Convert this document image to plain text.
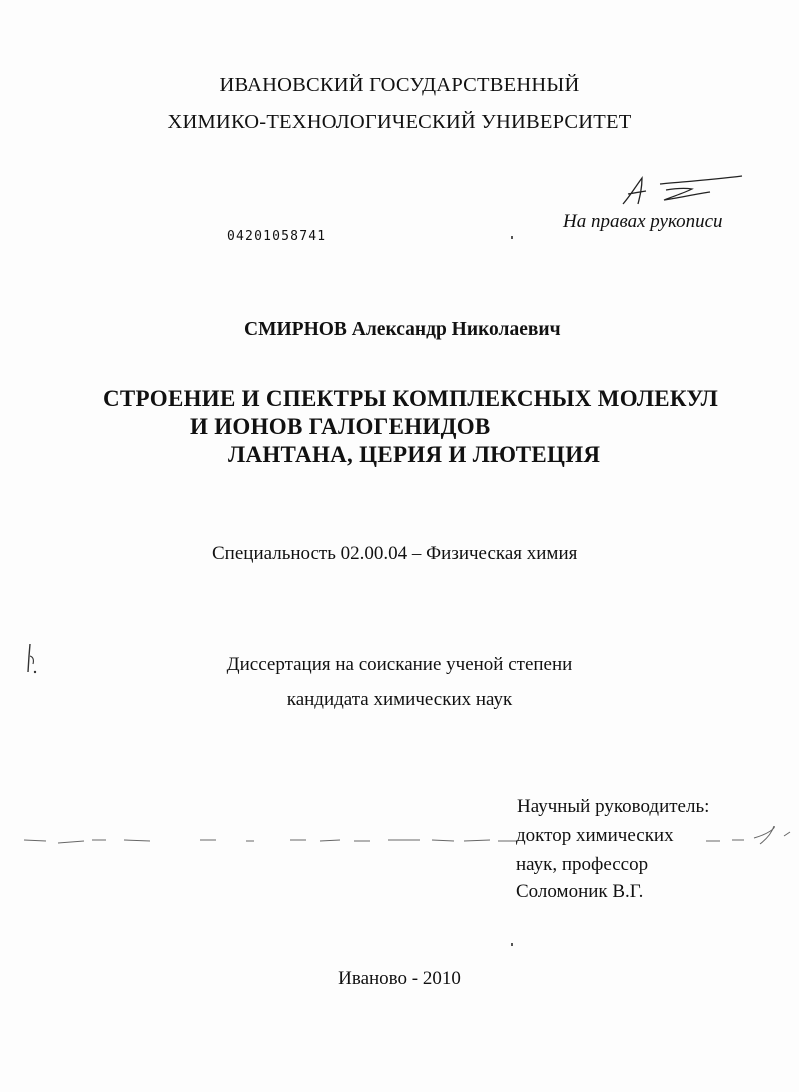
ИВАНОВСКИЙ ГОСУДАРСТВЕННЫЙ
ХИМИКО-ТЕХНОЛОГИЧЕСКИЙ УНИВЕРСИТЕТ
На правах рукописи
04201058741
СМИРНОВ Александр Николаевич
СТРОЕНИЕ И СПЕКТРЫ КОМПЛЕКСНЫХ МОЛЕКУЛ
И ИОНОВ ГАЛОГЕНИДОВ
ЛАНТАНА, ЦЕРИЯ И ЛЮТЕЦИЯ
Специальность 02.00.04 – Физическая химия
Диссертация на соискание ученой степени
кандидата химических наук
Научный руководитель:
доктор химических
наук, профессор
Соломоник В.Г.
Иваново - 2010
